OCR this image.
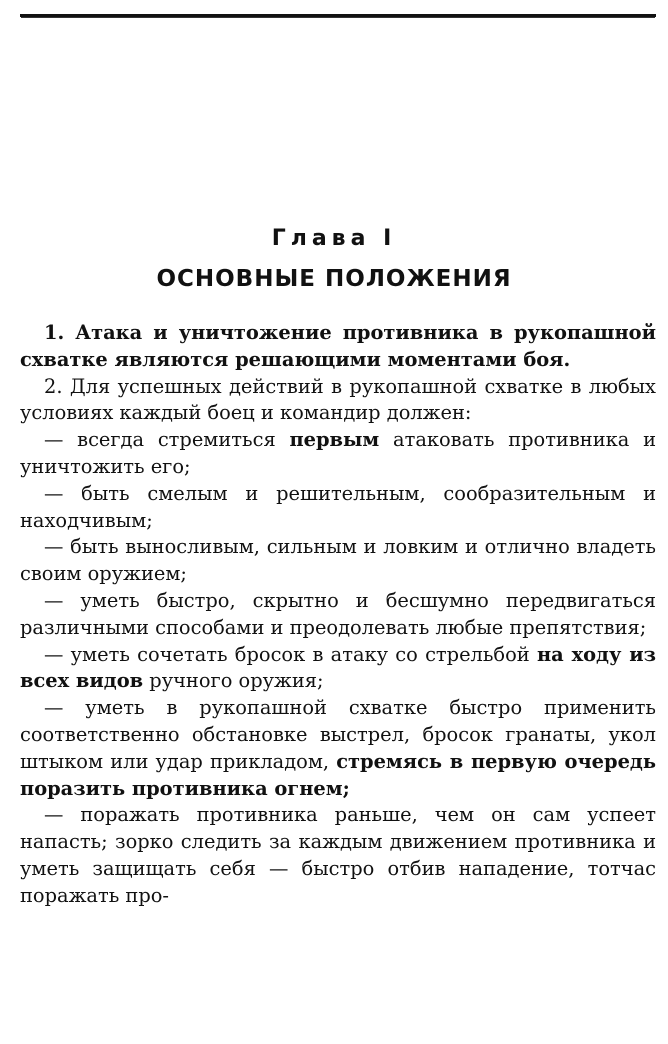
Глава I
ОСНОВНЫЕ ПОЛОЖЕНИЯ

1. Атака и уничтожение противника в рукопашной схватке являются решающими моментами боя.

2. Для успешных действий в рукопашной схватке в любых условиях каждый боец и командир должен:

— всегда стремиться первым атаковать противника и уничтожить его;

— быть смелым и решительным, сообразительным и находчивым;

— быть выносливым, сильным и ловким и отлично владеть своим оружием;

— уметь быстро, скрытно и бесшумно передвигаться различными способами и преодолевать любые препятствия;

— уметь сочетать бросок в атаку со стрельбой на ходу из всех видов ручного оружия;

— уметь в рукопашной схватке быстро применить соответственно обстановке выстрел, бросок гранаты, укол штыком или удар прикладом, стремясь в первую очередь поразить противника огнем;

— поражать противника раньше, чем он сам успеет напасть; зорко следить за каждым движением противника и уметь защищать себя — быстро отбив нападение, тотчас поражать про-
